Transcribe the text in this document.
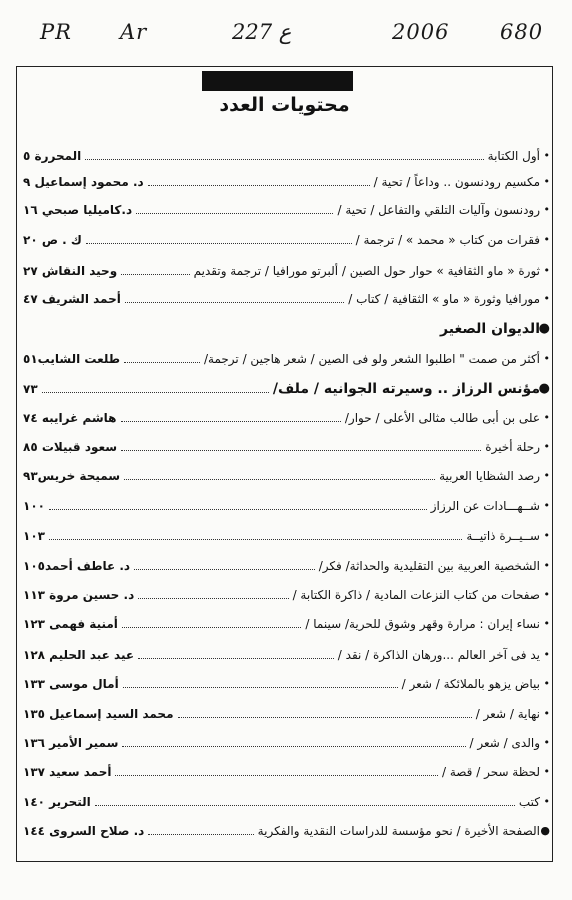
PR Ar	227 ع	2006 680
محتويات العدد
•
أول الكتابة
المحررة ٥
•
مكسيم رودنسون .. وداعاً / تحية /
د. محمود إسماعيل ٩
•
رودنسون وآليات التلقي والتفاعل / تحية /
د.كاميليا صبحي ١٦
•
فقرات من كتاب « محمد » / ترجمة /
ك . ص ٢٠
•
ثورة « ماو الثقافية » حوار حول الصين / ألبرتو مورافيا / ترجمة وتقديم
وحيد النقاش ٢٧
•
مورافيا وثورة « ماو » الثقافية / كتاب /
أحمد الشريف ٤٧
●
الديوان الصغير
•
أكثر من صمت " اطلبوا الشعر ولو فى الصين / شعر هاجين / ترجمة/
طلعت الشايب٥١
●
مؤنس الرزاز .. وسيرته الجوانيه / ملف/
٧٣
•
على بن أبى طالب مثالى الأعلى / حوار/
هاشم غرايبه ٧٤
•
رحلة أخيرة
سعود قبيلات ٨٥
•
رصد الشظايا العربية
سميحة خريس٩٣
•
شــهـــادات عن الرزاز
١٠٠
•
ســيــرة ذاتيــة
١٠٣
•
الشخصية العربية بين التقليدية والحداثة/ فكر/
د. عاطف أحمد١٠٥
•
صفحات من كتاب النزعات المادية / ذاكرة الكتابة /
د. حسين مروة ١١٣
•
نساء إيران : مرارة وقهر وشوق للحرية/ سينما /
أمنية فهمى ١٢٣
•
يد فى آخر العالم ...ورهان الذاكرة / نقد /
عيد عبد الحليم ١٢٨
•
بياض يزهو بالملائكة / شعر /
أمال موسى ١٣٣
•
نهاية / شعر /
محمد السيد إسماعيل ١٣٥
•
والدى / شعر /
سمير الأمير ١٣٦
•
لحظة سحر / قصة /
أحمد سعيد ١٣٧
•
كتب
التحرير ١٤٠
●
الصفحة الأخيرة / نحو مؤسسة للدراسات النقدية والفكرية
د. صلاح السروى ١٤٤
